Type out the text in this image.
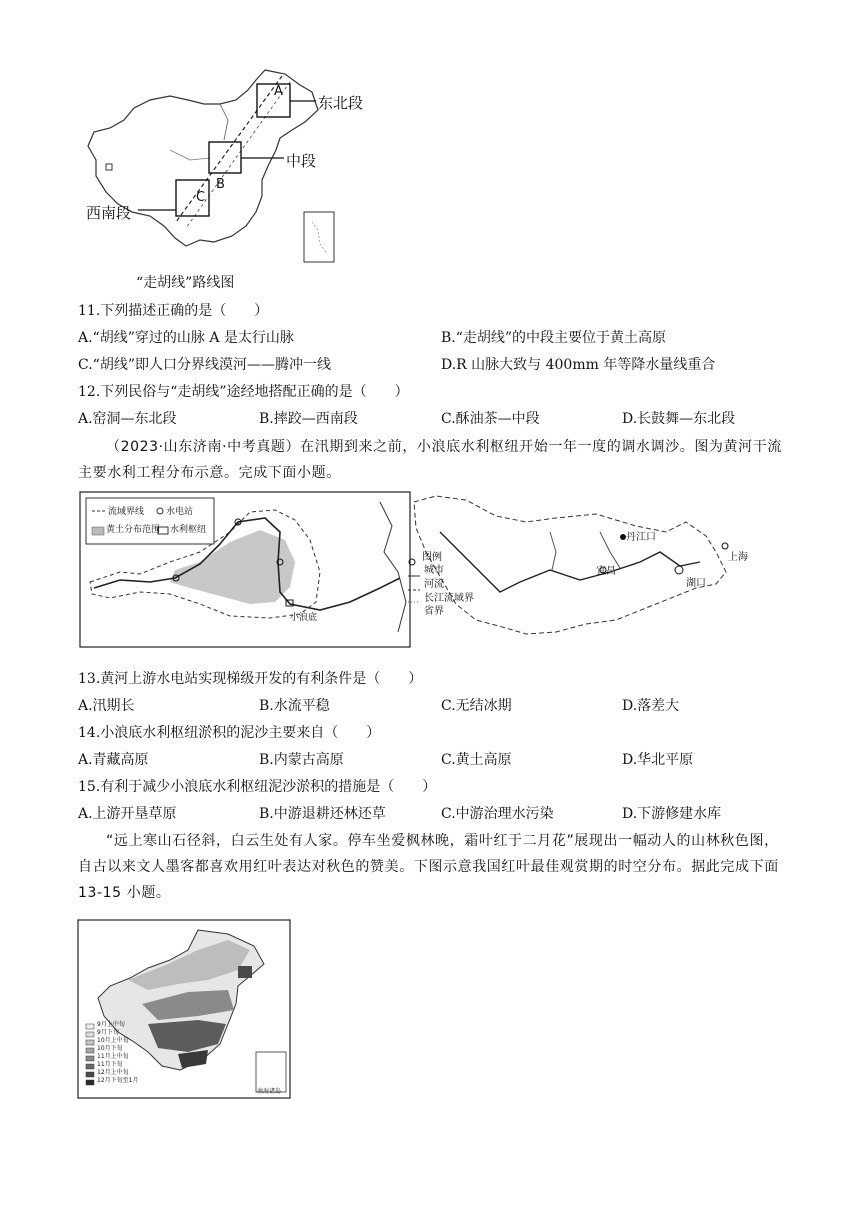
A
B
C
东北段
中段
西南段
“走胡线”路线图
11.下列描述正确的是（　　）
A.“胡线”穿过的山脉 A 是太行山脉	B.“走胡线”的中段主要位于黄土高原
C.“胡线”即人口分界线漠河——腾冲一线	D.R 山脉大致与 400mm 年等降水量线重合
12.下列民俗与“走胡线”途经地搭配正确的是（　　）
A.窑洞—东北段	B.摔跤—西南段	C.酥油茶—中段	D.长鼓舞—东北段
（2023·山东济南·中考真题）在汛期到来之前，小浪底水利枢纽开始一年一度的调水调沙。图为黄河干流主要水利工程分布示意。完成下面小题。
流域界线 水电站
黄土分布范围 水利枢纽
小浪底
图例
城市
河流
长江流域界
省界
丹江口
上海
宜昌
湖口
13.黄河上游水电站实现梯级开发的有利条件是（　　）
A.汛期长	B.水流平稳	C.无结冰期	D.落差大
14.小浪底水利枢纽淤积的泥沙主要来自（　　）
A.青藏高原	B.内蒙古高原	C.黄土高原	D.华北平原
15.有利于减少小浪底水利枢纽泥沙淤积的措施是（　　）
A.上游开垦草原	B.中游退耕还林还草	C.中游治理水污染	D.下游修建水库
“远上寒山石径斜，白云生处有人家。停车坐爱枫林晚，霜叶红于二月花”展现出一幅动人的山林秋色图，自古以来文人墨客都喜欢用红叶表达对秋色的赞美。下图示意我国红叶最佳观赏期的时空分布。据此完成下面 13-15 小题。
9月上中旬
9月下旬
10月上中旬
10月下旬
11月上中旬
11月下旬
12月上中旬
12月下旬至1月
南海诸岛
